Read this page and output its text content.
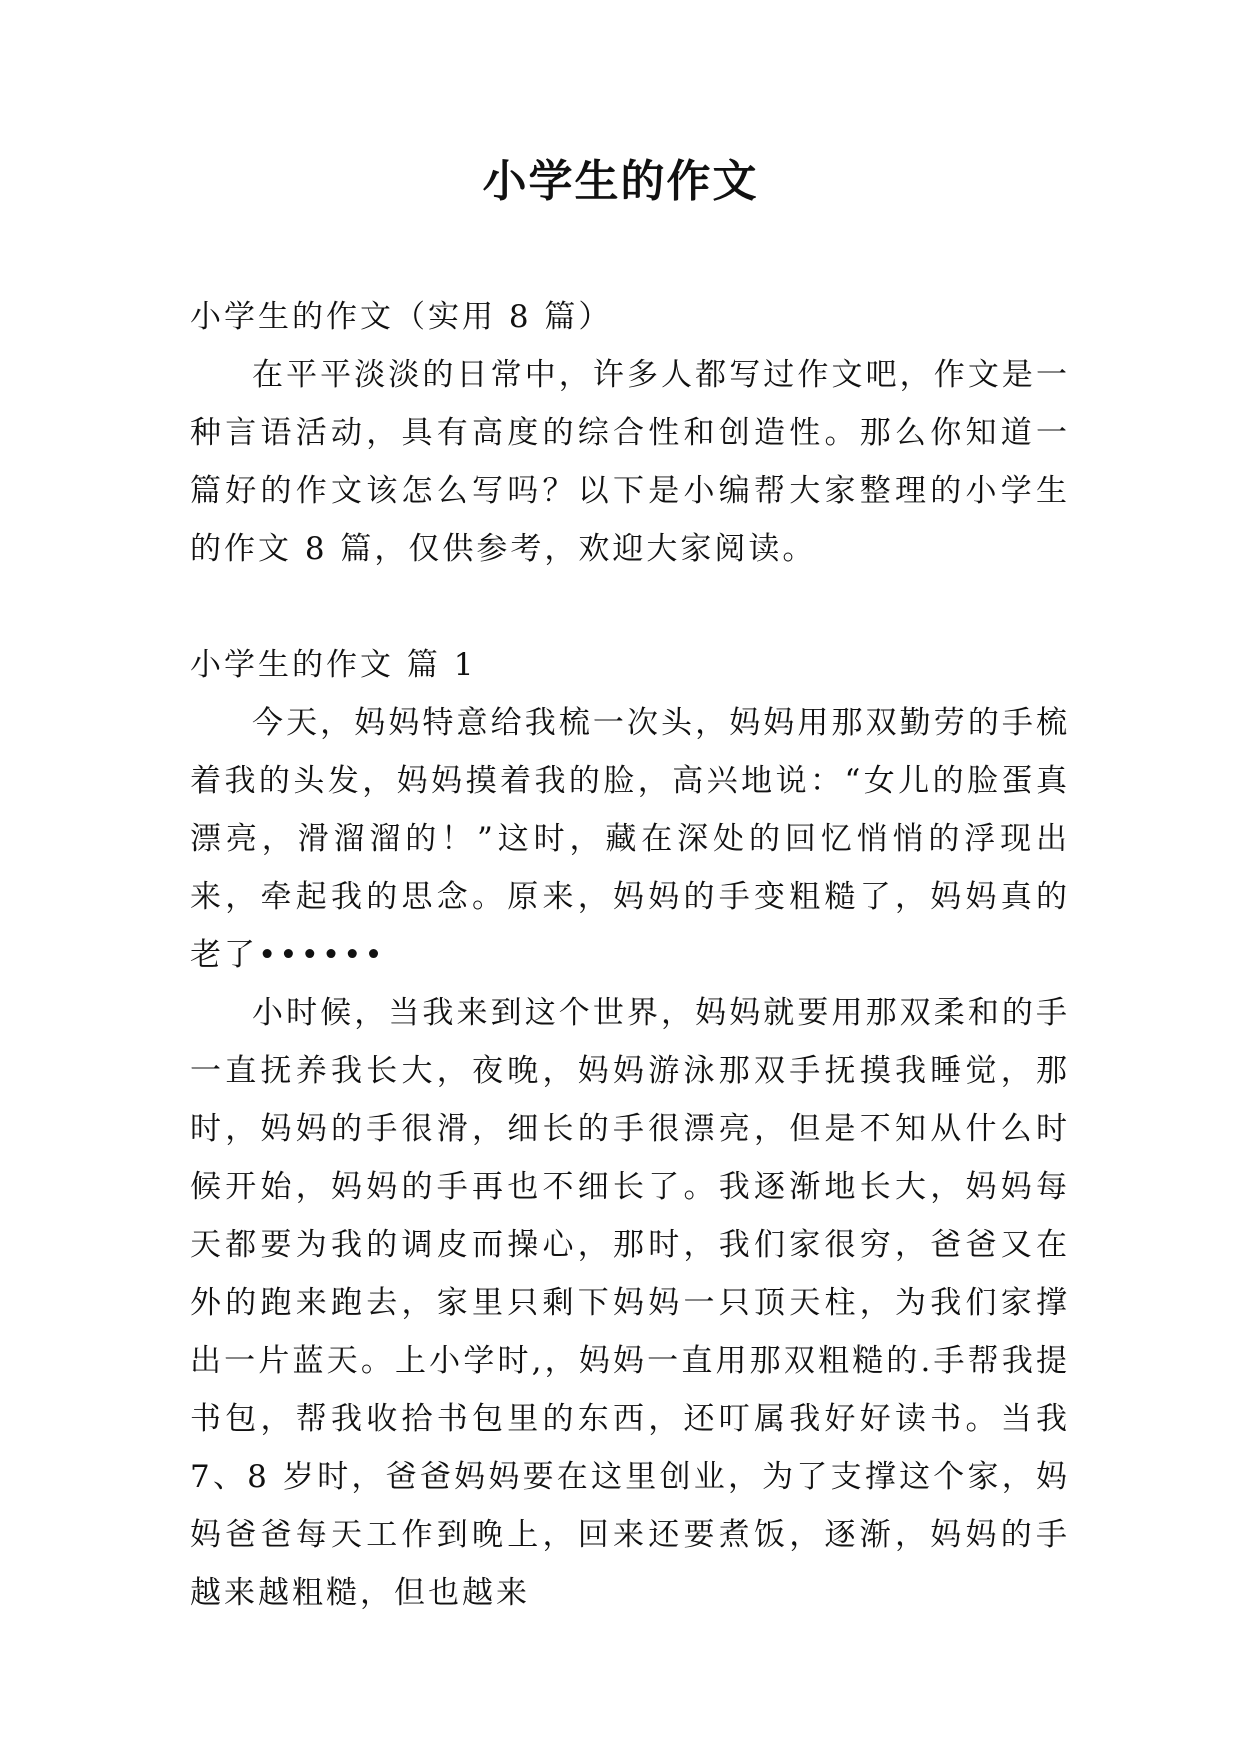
小学生的作文

小学生的作文（实用 8 篇）

在平平淡淡的日常中，许多人都写过作文吧，作文是一种言语活动，具有高度的综合性和创造性。那么你知道一篇好的作文该怎么写吗？以下是小编帮大家整理的小学生的作文 8 篇，仅供参考，欢迎大家阅读。

小学生的作文 篇 1

今天，妈妈特意给我梳一次头，妈妈用那双勤劳的手梳着我的头发，妈妈摸着我的脸，高兴地说：“女儿的脸蛋真漂亮，滑溜溜的！”这时，藏在深处的回忆悄悄的浮现出来，牵起我的思念。原来，妈妈的手变粗糙了，妈妈真的老了••••••

小时候，当我来到这个世界，妈妈就要用那双柔和的手一直抚养我长大，夜晚，妈妈游泳那双手抚摸我睡觉，那时，妈妈的手很滑，细长的手很漂亮，但是不知从什么时候开始，妈妈的手再也不细长了。我逐渐地长大，妈妈每天都要为我的调皮而操心，那时，我们家很穷，爸爸又在外的跑来跑去，家里只剩下妈妈一只顶天柱，为我们家撑出一片蓝天。上小学时,，妈妈一直用那双粗糙的.手帮我提书包，帮我收拾书包里的东西，还叮属我好好读书。当我 7、8 岁时，爸爸妈妈要在这里创业，为了支撑这个家，妈妈爸爸每天工作到晚上，回来还要煮饭，逐渐，妈妈的手越来越粗糙，但也越来
